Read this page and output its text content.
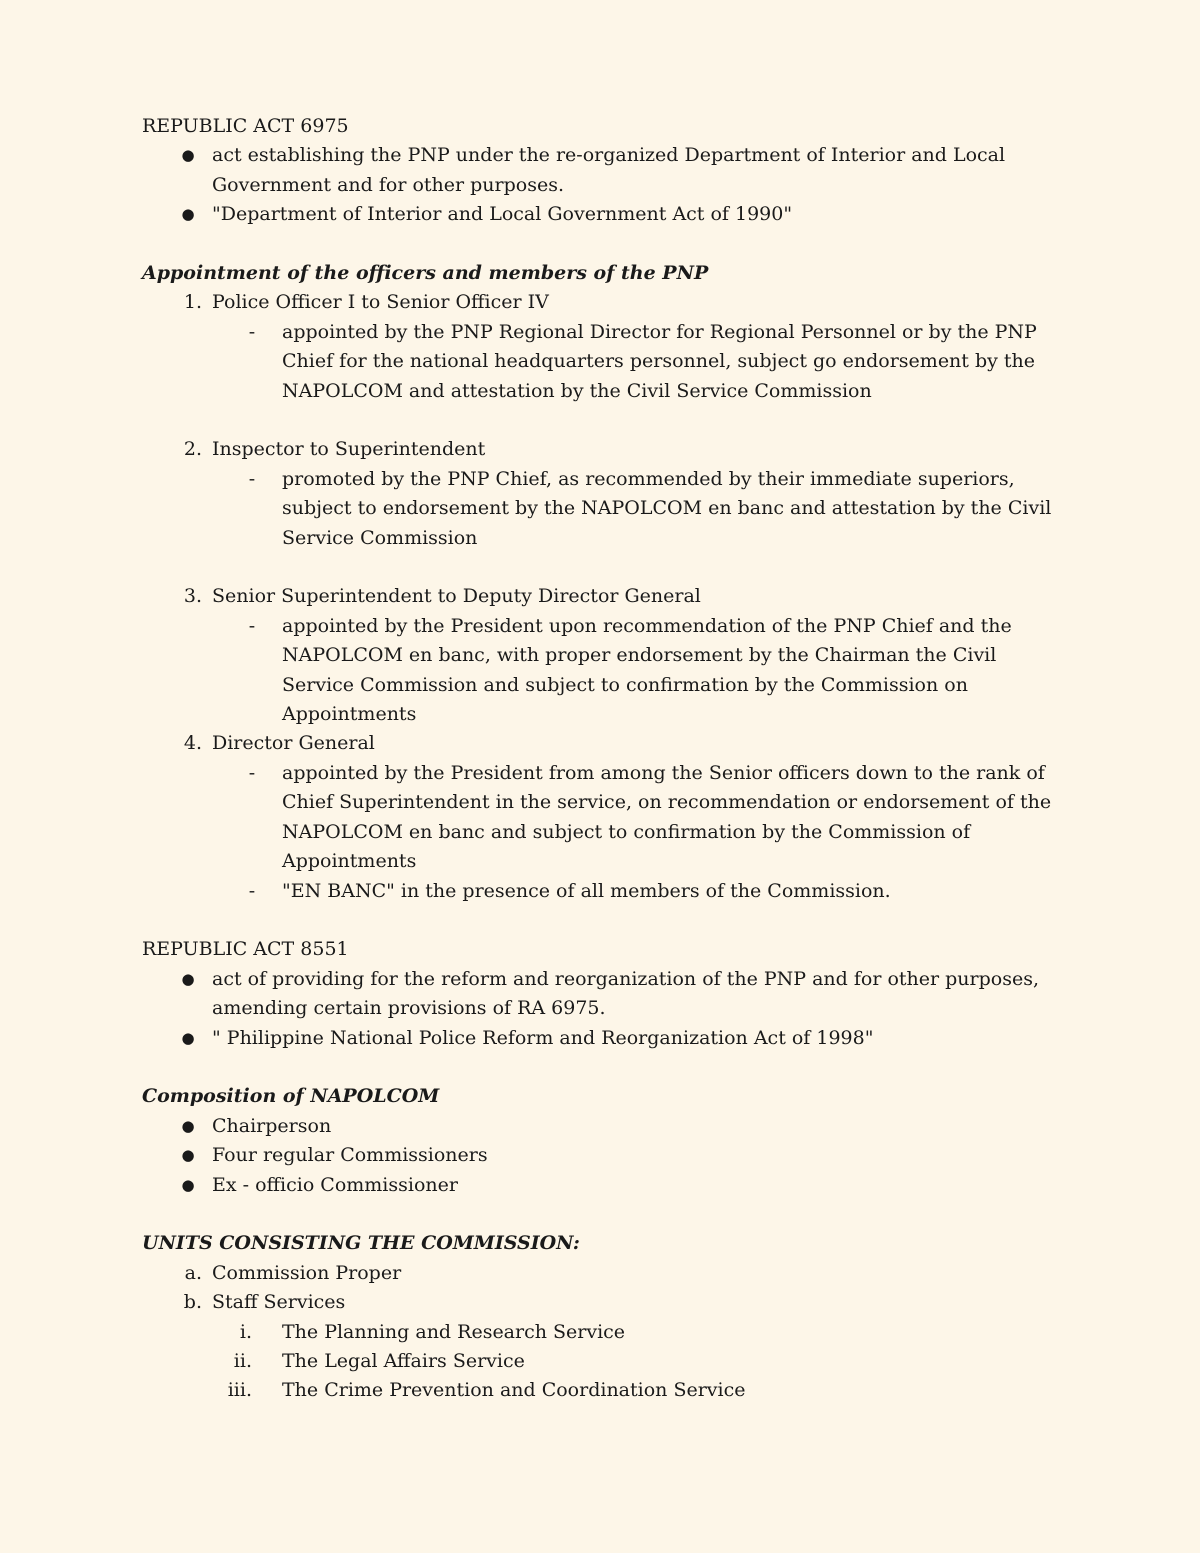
REPUBLIC ACT 6975

● act establishing the PNP under the re-organized Department of Interior and Local Government and for other purposes.
● "Department of Interior and Local Government Act of 1990"

Appointment of the officers and members of the PNP

1. Police Officer I to Senior Officer IV
-	appointed by the PNP Regional Director for Regional Personnel or by the PNP Chief for the national headquarters personnel, subject go endorsement by the NAPOLCOM and attestation by the Civil Service Commission
2. Inspector to Superintendent
-	promoted by the PNP Chief, as recommended by their immediate superiors, subject to endorsement by the NAPOLCOM en banc and attestation by the Civil Service Commission
3. Senior Superintendent to Deputy Director General
-	appointed by the President upon recommendation of the PNP Chief and the NAPOLCOM en banc, with proper endorsement by the Chairman the Civil Service Commission and subject to confirmation by the Commission on Appointments
4. Director General
-	appointed by the President from among the Senior officers down to the rank of Chief Superintendent in the service, on recommendation or endorsement of the NAPOLCOM en banc and subject to confirmation by the Commission of Appointments
-	"EN BANC" in the presence of all members of the Commission.

REPUBLIC ACT 8551

● act of providing for the reform and reorganization of the PNP and for other purposes, amending certain provisions of RA 6975.
● " Philippine National Police Reform and Reorganization Act of 1998"

Composition of NAPOLCOM

● Chairperson
● Four regular Commissioners
● Ex - officio Commissioner

UNITS CONSISTING THE COMMISSION:

a. Commission Proper
b. Staff Services
i. The Planning and Research Service
ii. The Legal Affairs Service
iii. The Crime Prevention and Coordination Service
